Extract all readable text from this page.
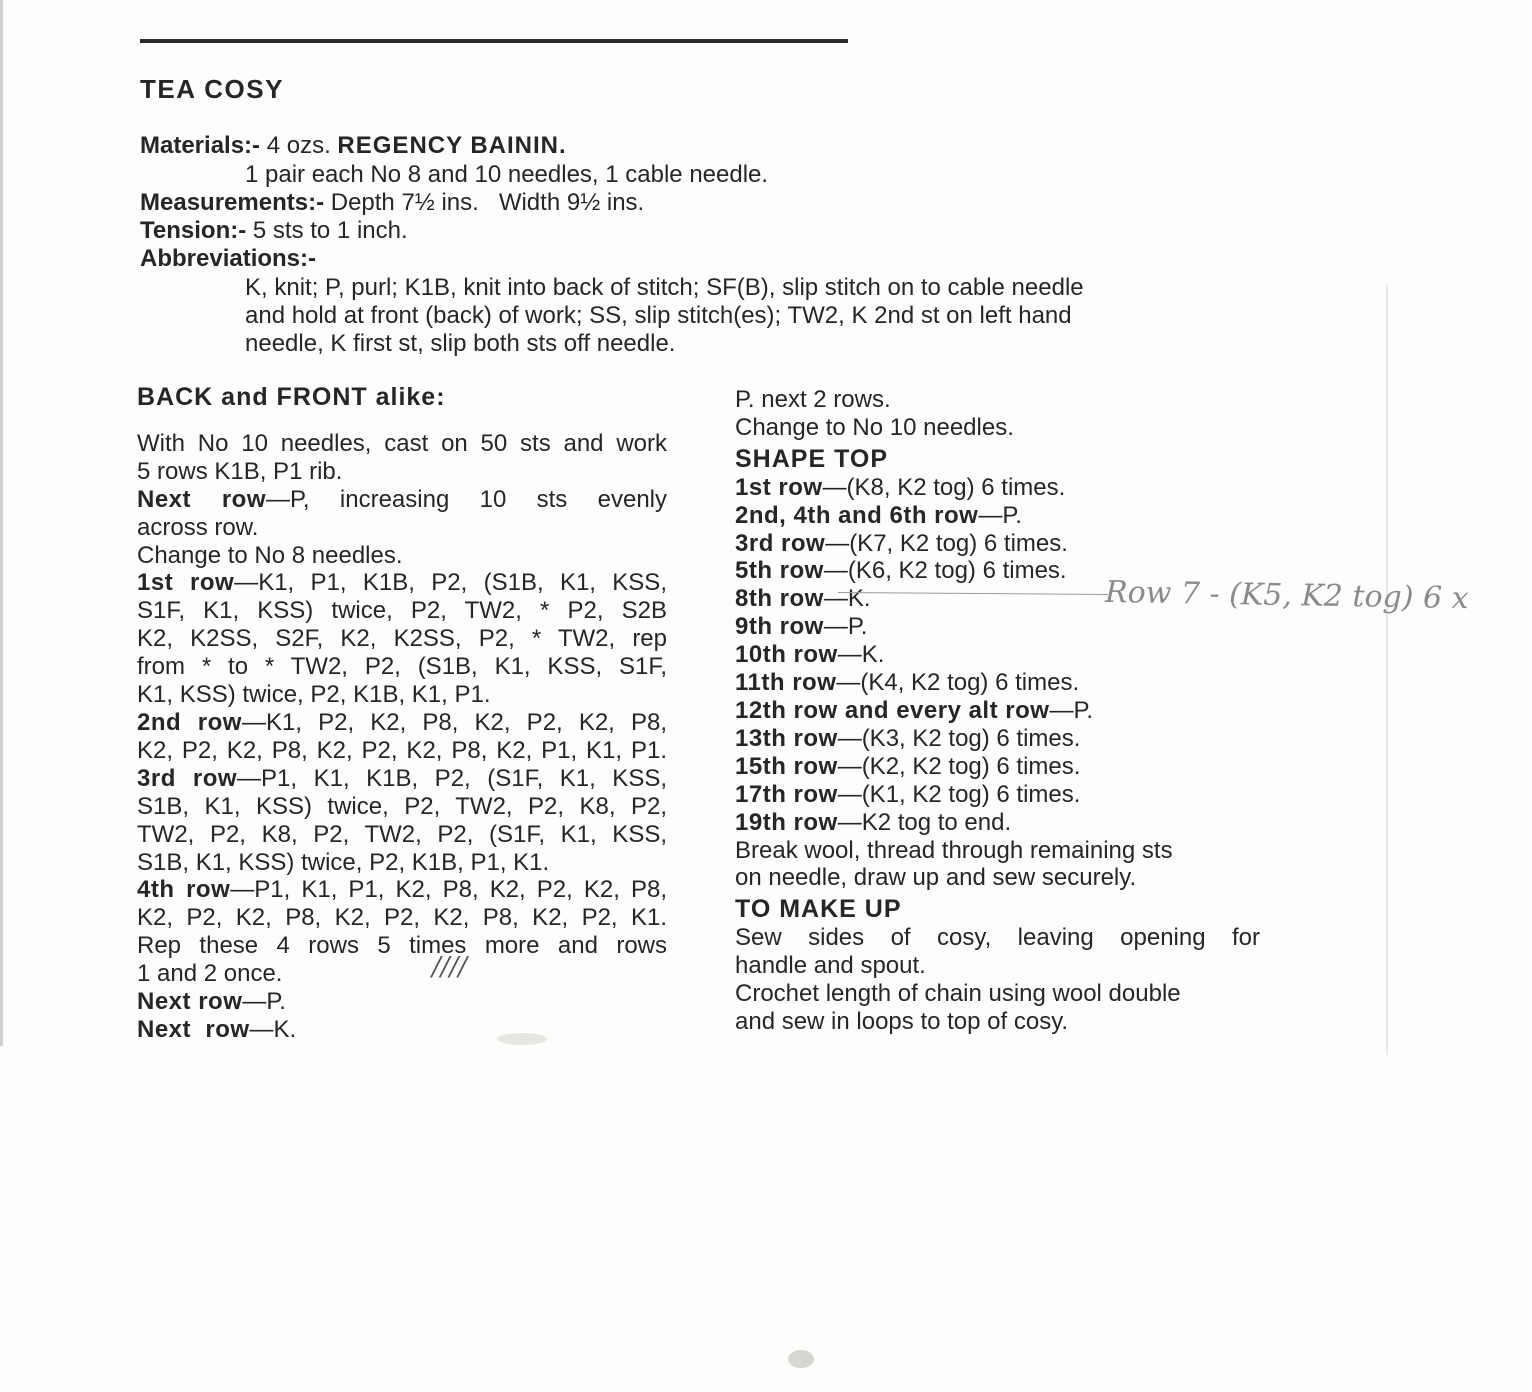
TEA COSY

Materials:- 4 ozs. REGENCY BAININ.

1 pair each No 8 and 10 needles, 1 cable needle.

Measurements:- Depth 7½ ins.   Width 9½ ins.

Tension:- 5 sts to 1 inch.

Abbreviations:-

K, knit; P, purl; K1B, knit into back of stitch; SF(B), slip stitch on to cable needle

and hold at front (back) of work; SS, slip stitch(es); TW2, K 2nd st on left hand

needle, K first st, slip both sts off needle.

BACK and FRONT alike:

With No 10 needles, cast on 50 sts and work

5 rows K1B, P1 rib.

Next row—P, increasing 10 sts evenly

across row.

Change to No 8 needles.

1st row—K1, P1, K1B, P2, (S1B, K1, KSS,

S1F, K1, KSS) twice, P2, TW2, * P2, S2B

K2, K2SS, S2F, K2, K2SS, P2, * TW2, rep

from * to * TW2, P2, (S1B, K1, KSS, S1F,

K1, KSS) twice, P2, K1B, K1, P1.

2nd row—K1, P2, K2, P8, K2, P2, K2, P8,

K2, P2, K2, P8, K2, P2, K2, P8, K2, P1, K1, P1.

3rd row—P1, K1, K1B, P2, (S1F, K1, KSS,

S1B, K1, KSS) twice, P2, TW2, P2, K8, P2,

TW2, P2, K8, P2, TW2, P2, (S1F, K1, KSS,

S1B, K1, KSS) twice, P2, K1B, P1, K1.

4th row—P1, K1, P1, K2, P8, K2, P2, K2, P8,

K2, P2, K2, P8, K2, P2, K2, P8, K2, P2, K1.

Rep these 4 rows 5 times more and rows

1 and 2 once.

Next row—P.

Next  row—K.

P. next 2 rows.

Change to No 10 needles.

SHAPE TOP

1st row—(K8, K2 tog) 6 times.

2nd, 4th and 6th row—P.

3rd row—(K7, K2 tog) 6 times.

5th row—(K6, K2 tog) 6 times.

8th row—K.

9th row—P.

10th row—K.

11th row—(K4, K2 tog) 6 times.

12th row and every alt row—P.

13th row—(K3, K2 tog) 6 times.

15th row—(K2, K2 tog) 6 times.

17th row—(K1, K2 tog) 6 times.

19th row—K2 tog to end.

Break wool, thread through remaining sts

on needle, draw up and sew securely.

TO MAKE UP

Sew sides of cosy, leaving opening for

handle and spout.

Crochet length of chain using wool double

and sew in loops to top of cosy.

Row 7 - (K5, K2 tog) 6 x
////
